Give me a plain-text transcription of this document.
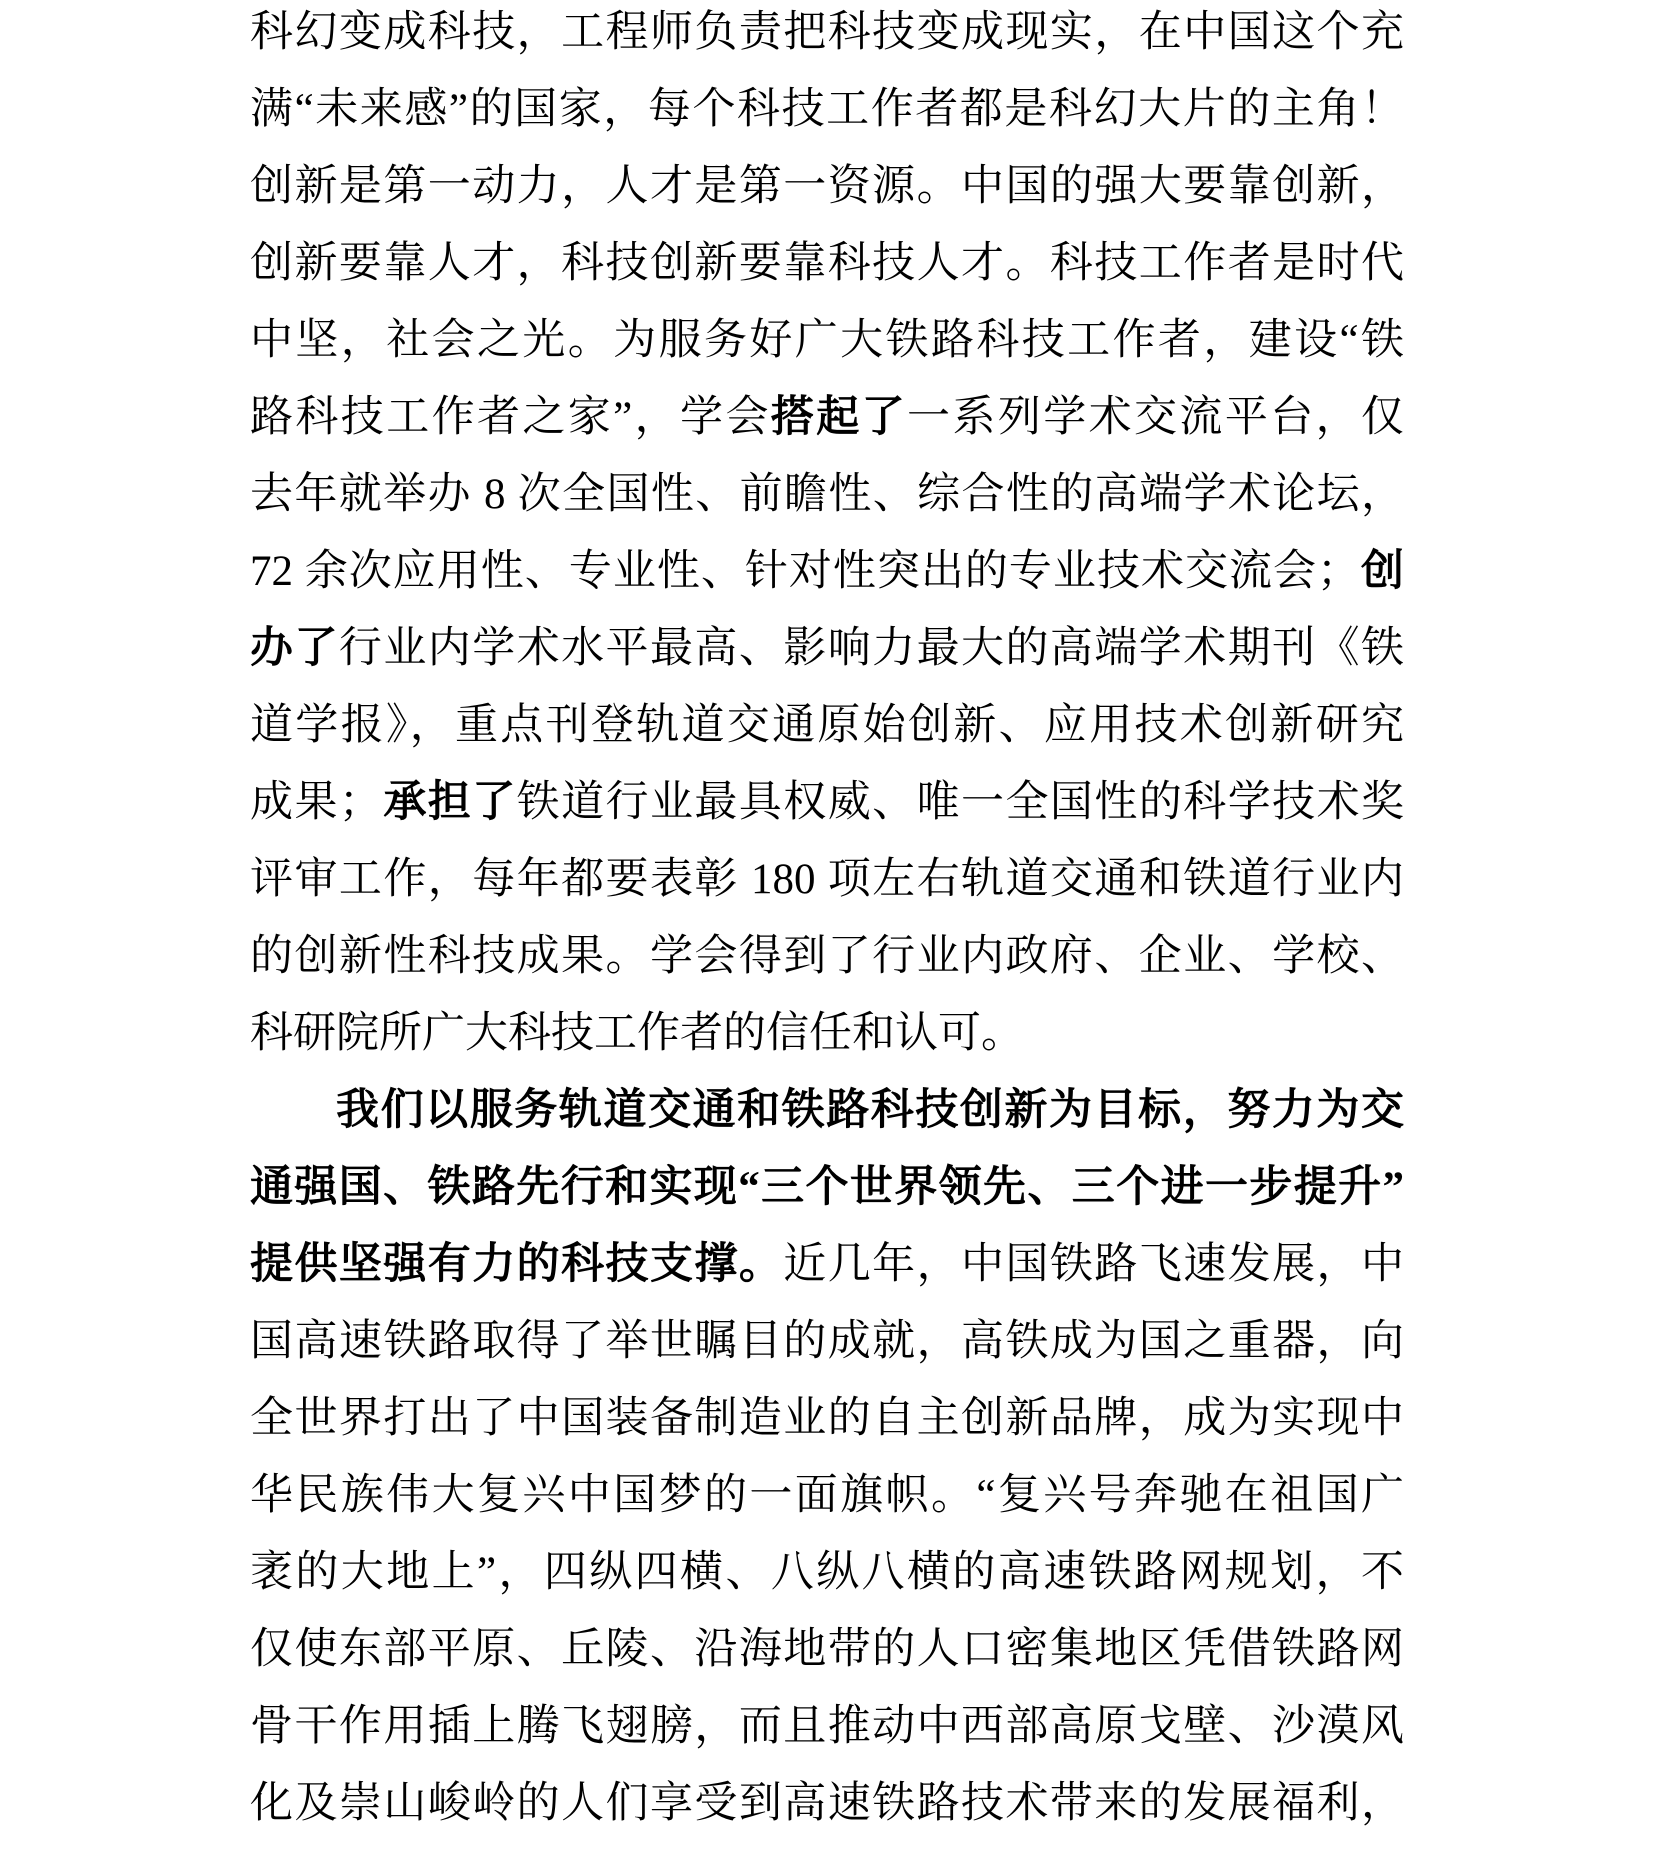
科幻变成科技，工程师负责把科技变成现实，在中国这个充
满“未来感”的国家，每个科技工作者都是科幻大片的主角！
创新是第一动力，人才是第一资源。中国的强大要靠创新，
创新要靠人才，科技创新要靠科技人才。科技工作者是时代
中坚，社会之光。为服务好广大铁路科技工作者，建设“铁
路科技工作者之家”，学会搭起了一系列学术交流平台，仅
去年就举办 8 次全国性、前瞻性、综合性的高端学术论坛，
72 余次应用性、专业性、针对性突出的专业技术交流会；创
办了行业内学术水平最高、影响力最大的高端学术期刊《铁
道学报》，重点刊登轨道交通原始创新、应用技术创新研究
成果；承担了铁道行业最具权威、唯一全国性的科学技术奖
评审工作，每年都要表彰 180 项左右轨道交通和铁道行业内
的创新性科技成果。学会得到了行业内政府、企业、学校、
科研院所广大科技工作者的信任和认可。
我们以服务轨道交通和铁路科技创新为目标，努力为交
通强国、铁路先行和实现“三个世界领先、三个进一步提升”
提供坚强有力的科技支撑。近几年，中国铁路飞速发展，中
国高速铁路取得了举世瞩目的成就，高铁成为国之重器，向
全世界打出了中国装备制造业的自主创新品牌，成为实现中
华民族伟大复兴中国梦的一面旗帜。“复兴号奔驰在祖国广
袤的大地上”，四纵四横、八纵八横的高速铁路网规划，不
仅使东部平原、丘陵、沿海地带的人口密集地区凭借铁路网
骨干作用插上腾飞翅膀，而且推动中西部高原戈壁、沙漠风
化及崇山峻岭的人们享受到高速铁路技术带来的发展福利，
